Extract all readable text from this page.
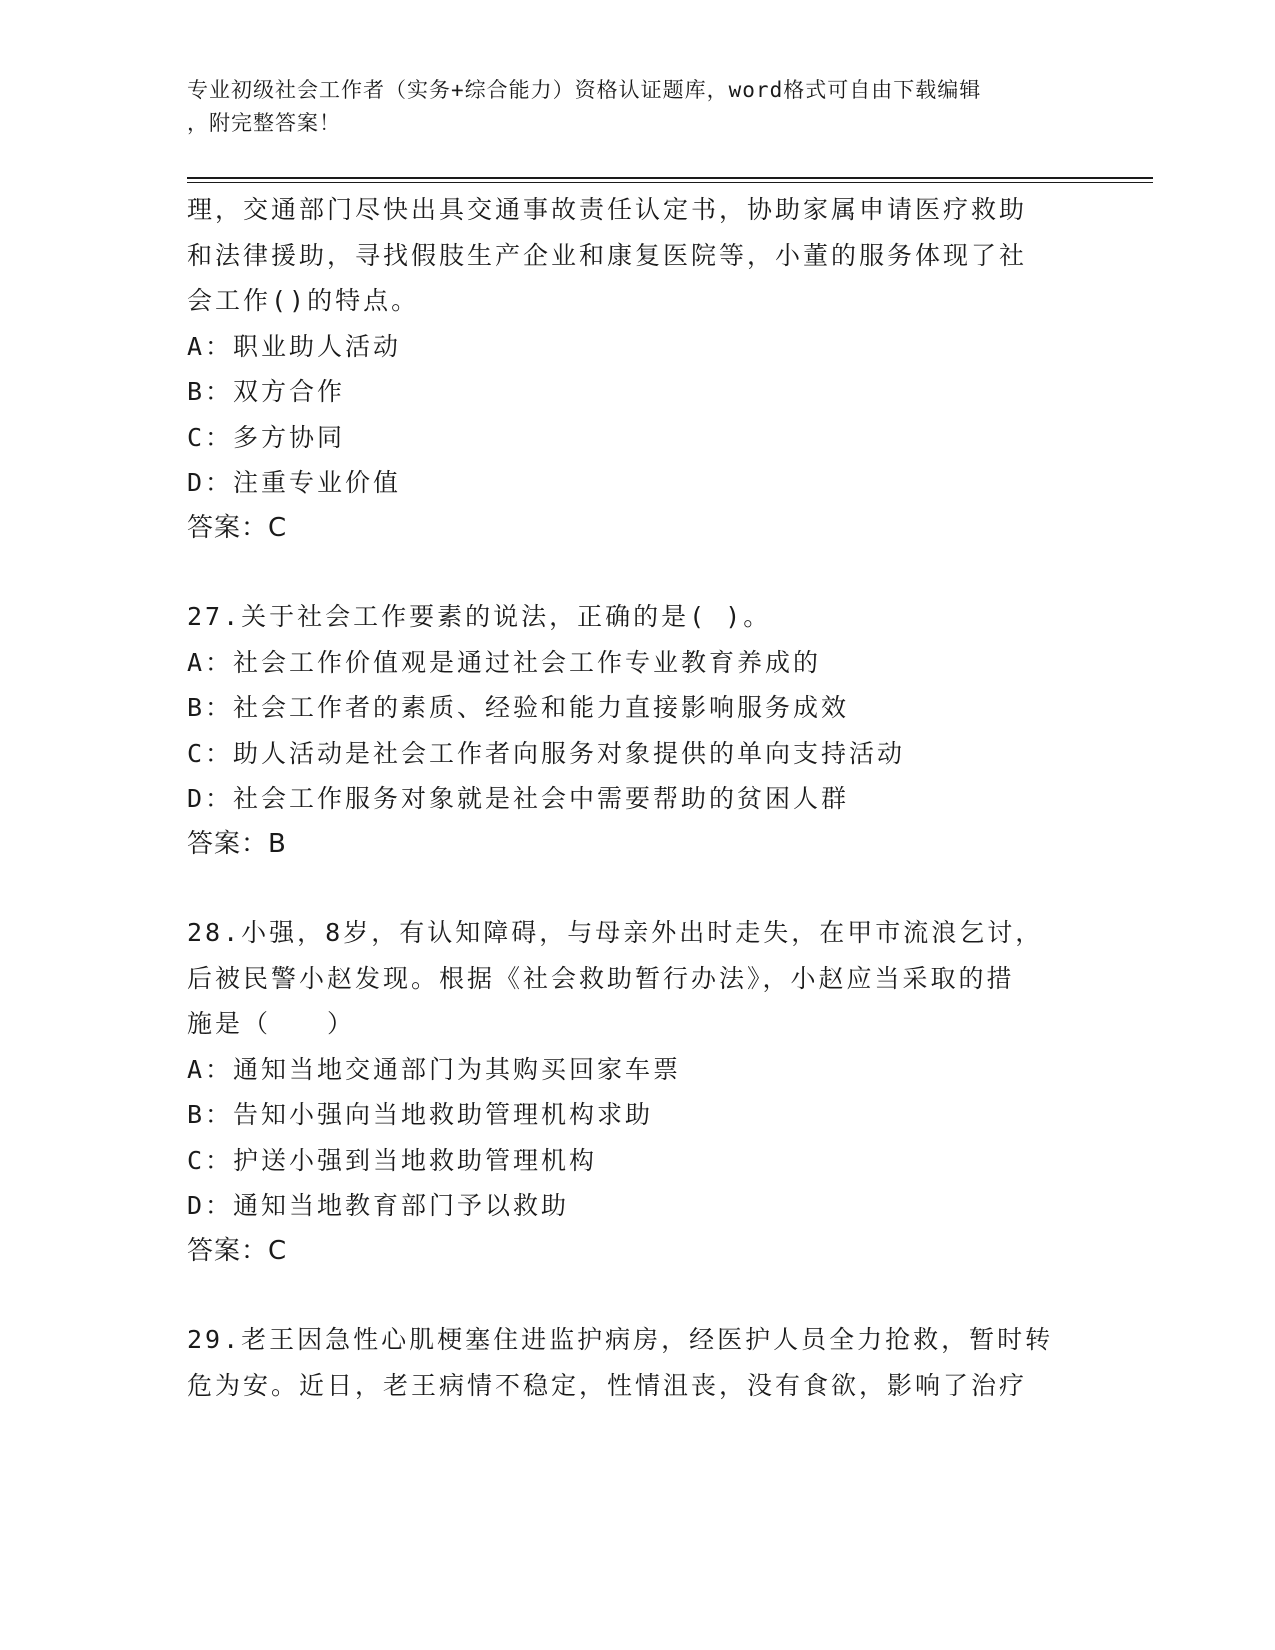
专业初级社会工作者（实务+综合能力）资格认证题库，word格式可自由下载编辑
，附完整答案！
理，交通部门尽快出具交通事故责任认定书，协助家属申请医疗救助
和法律援助，寻找假肢生产企业和康复医院等，小董的服务体现了社
会工作()的特点。
A：职业助人活动
B：双方合作
C：多方协同
D：注重专业价值
答案：C
27.关于社会工作要素的说法，正确的是( )。
A：社会工作价值观是通过社会工作专业教育养成的
B：社会工作者的素质、经验和能力直接影响服务成效
C：助人活动是社会工作者向服务对象提供的单向支持活动
D：社会工作服务对象就是社会中需要帮助的贫困人群
答案：B
28.小强，8岁，有认知障碍，与母亲外出时走失，在甲市流浪乞讨，
后被民警小赵发现。根据《社会救助暂行办法》，小赵应当采取的措
施是（　　）
A：通知当地交通部门为其购买回家车票
B：告知小强向当地救助管理机构求助
C：护送小强到当地救助管理机构
D：通知当地教育部门予以救助
答案：C
29.老王因急性心肌梗塞住进监护病房，经医护人员全力抢救，暂时转
危为安。近日，老王病情不稳定，性情沮丧，没有食欲，影响了治疗
